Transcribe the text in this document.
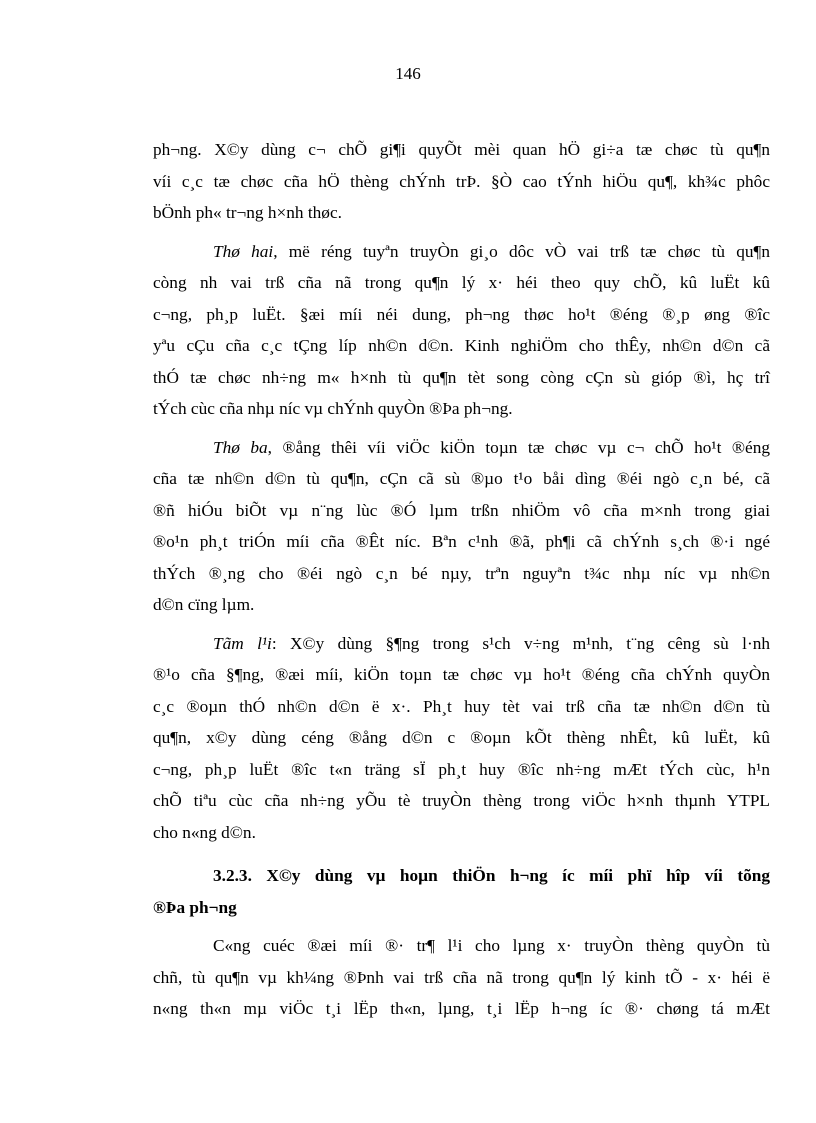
146
ph¬ng. X©y dùng c¬ chÕ gi¶i quyÕt mèi quan hÖ gi÷a tæ chøc tù qu¶n
víi c¸c tæ chøc cña hÖ thèng chÝnh trÞ. §Ò cao tÝnh hiÖu qu¶, kh¾c phôc
bÖnh ph« tr¬ng h×nh thøc.
Thø hai, më réng tuyªn truyÒn gi¸o dôc vÒ vai trß tæ chøc tù qu¶n
còng nh vai trß cña nã trong qu¶n lý x· héi theo quy chÕ, kû luËt kû
c¬ng, ph¸p luËt. §æi míi néi dung, ph¬ng thøc ho¹t ®éng ®¸p øng ®îc
yªu cÇu cña c¸c tÇng líp nh©n d©n. Kinh nghiÖm cho thÊy, nh©n d©n cã
thÓ tæ chøc nh÷ng m« h×nh tù qu¶n tèt song còng cÇn sù gióp ®ì, hç trî
tÝch cùc cña nhµ níc vµ chÝnh quyÒn ®Þa ph¬ng.
Thø ba, ®ång thêi víi viÖc kiÖn toµn tæ chøc vµ c¬ chÕ ho¹t ®éng
cña tæ nh©n d©n tù qu¶n, cÇn cã sù ®µo t¹o båi dìng ®éi ngò c¸n bé, cã
®ñ hiÓu biÕt vµ n¨ng lùc ®Ó lµm trßn nhiÖm vô cña m×nh trong giai
®o¹n ph¸t triÓn míi cña ®Êt níc. Bªn c¹nh ®ã, ph¶i cã chÝnh s¸ch ®·i ngé
thÝch ®¸ng cho ®éi ngò c¸n bé nµy, trªn nguyªn t¾c nhµ níc vµ nh©n
d©n cïng lµm.
Tãm l¹i: X©y dùng §¶ng trong s¹ch v÷ng m¹nh, t¨ng cêng sù l·nh
®¹o cña §¶ng, ®æi míi, kiÖn toµn tæ chøc vµ ho¹t ®éng cña chÝnh quyÒn
c¸c ®oµn thÓ nh©n d©n ë x·. Ph¸t huy tèt vai trß cña tæ nh©n d©n tù
qu¶n, x©y dùng céng ®ång d©n c ®oµn kÕt thèng nhÊt, kû luËt, kû
c¬ng, ph¸p luËt ®îc t«n träng sÏ ph¸t huy ®îc nh÷ng mÆt tÝch cùc, h¹n
chÕ tiªu cùc cña nh÷ng yÕu tè truyÒn thèng trong viÖc h×nh thµnh YTPL
cho n«ng d©n.
3.2.3. X©y dùng vµ hoµn thiÖn h¬ng íc míi phï hîp víi tõng
®Þa ph¬ng
C«ng cuéc ®æi míi ®· tr¶ l¹i cho lµng x· truyÒn thèng quyÒn tù
chñ, tù qu¶n vµ kh¼ng ®Þnh vai trß cña nã trong qu¶n lý kinh tÕ - x· héi ë
n«ng th«n mµ viÖc t¸i lËp th«n, lµng, t¸i lËp h¬ng íc ®· chøng tá mÆt
